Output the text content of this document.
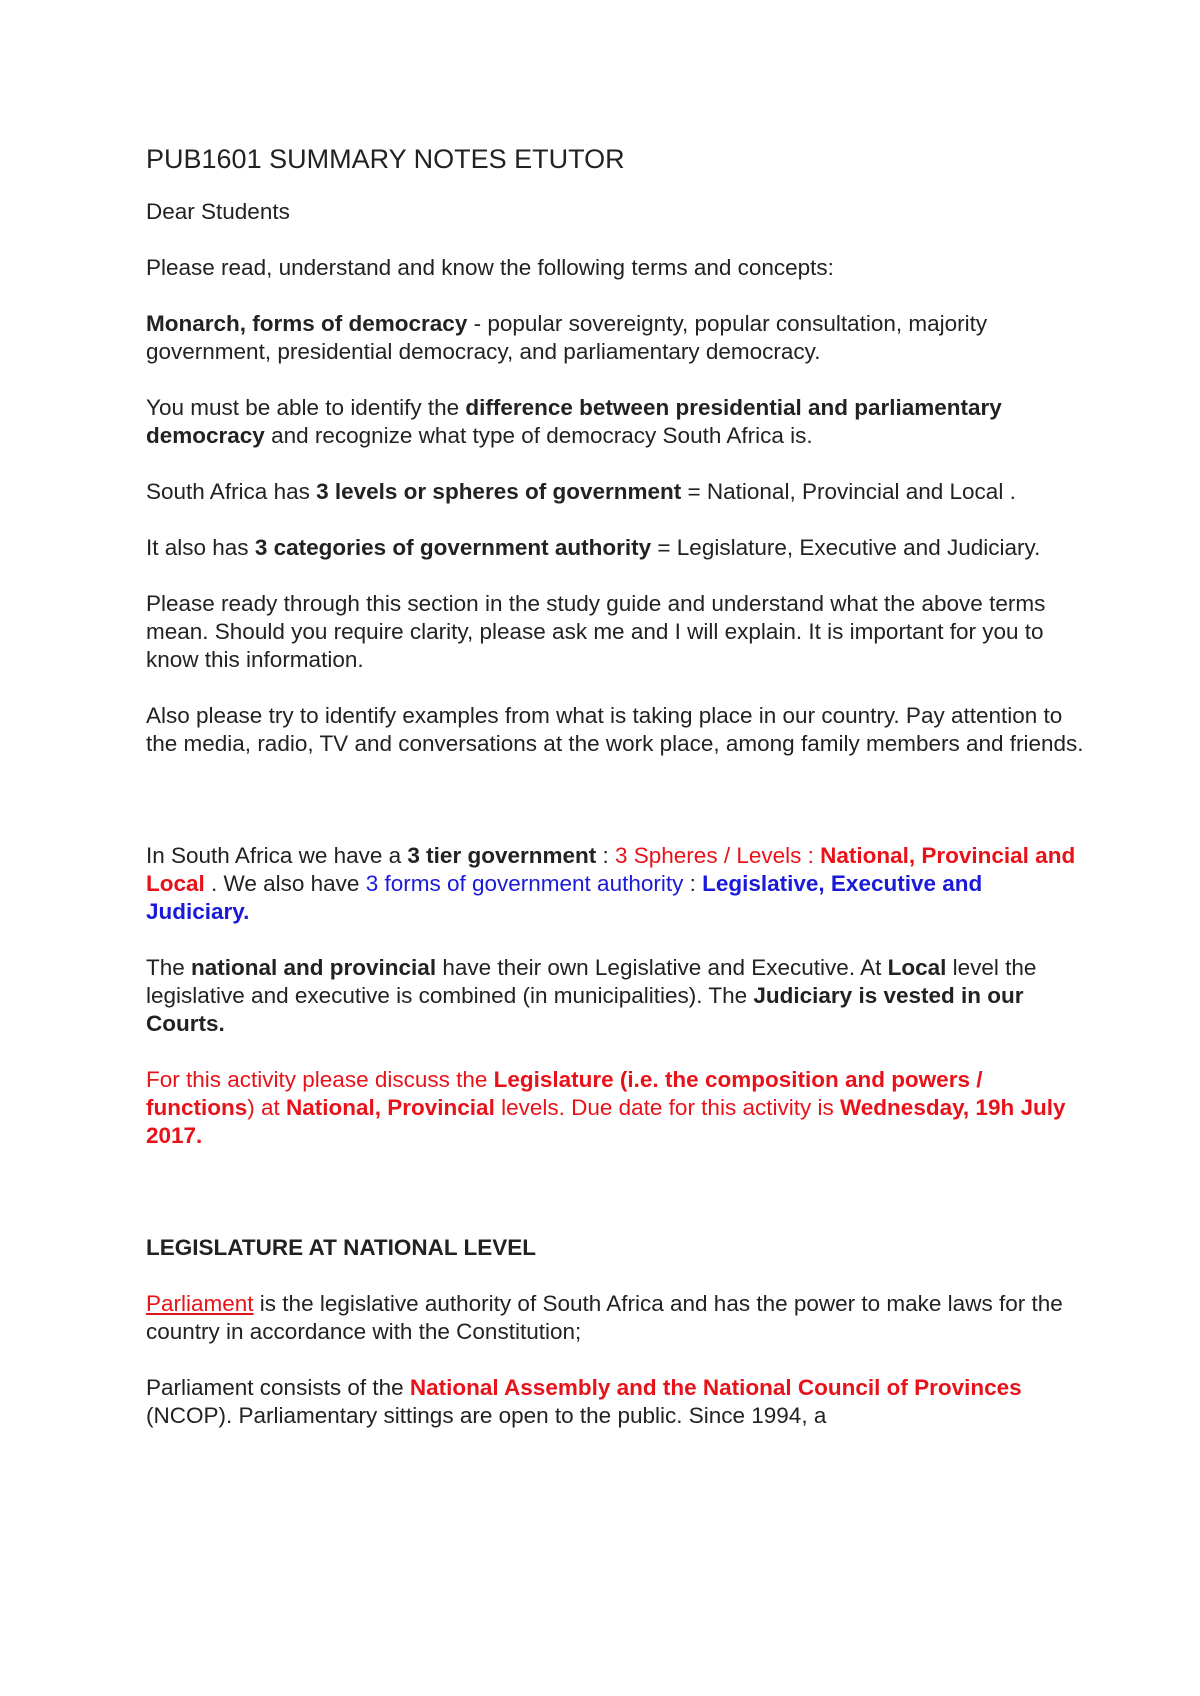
PUB1601 SUMMARY NOTES ETUTOR

Dear Students

Please read, understand and know the following terms and concepts:

Monarch, forms of democracy - popular sovereignty, popular consultation, majority government, presidential democracy, and parliamentary democracy.

You must be able to identify the difference between presidential and parliamentary democracy and recognize what type of democracy South Africa is.

South Africa has 3 levels or spheres of government = National, Provincial and Local .

It also has 3 categories of government authority = Legislature, Executive and Judiciary.

Please ready through this section in the study guide and understand what the above terms mean. Should you require clarity, please ask me and I will explain. It is important for you to know this information.

Also please try to identify examples from what is taking place in our country. Pay attention to the media, radio, TV and conversations at the work place, among family members and friends.

In South Africa we have a 3 tier government : 3 Spheres / Levels : National, Provincial and Local . We also have 3 forms of government authority : Legislative, Executive and Judiciary.

The national and provincial have their own Legislative and Executive. At Local level the legislative and executive is combined (in municipalities). The Judiciary is vested in our Courts.

For this activity please discuss the Legislature (i.e. the composition and powers / functions) at National, Provincial levels. Due date for this activity is Wednesday, 19h July 2017.

LEGISLATURE AT NATIONAL LEVEL

Parliament is the legislative authority of South Africa and has the power to make laws for the country in accordance with the Constitution;

Parliament consists of the National Assembly and the National Council of Provinces (NCOP). Parliamentary sittings are open to the public. Since 1994, a
